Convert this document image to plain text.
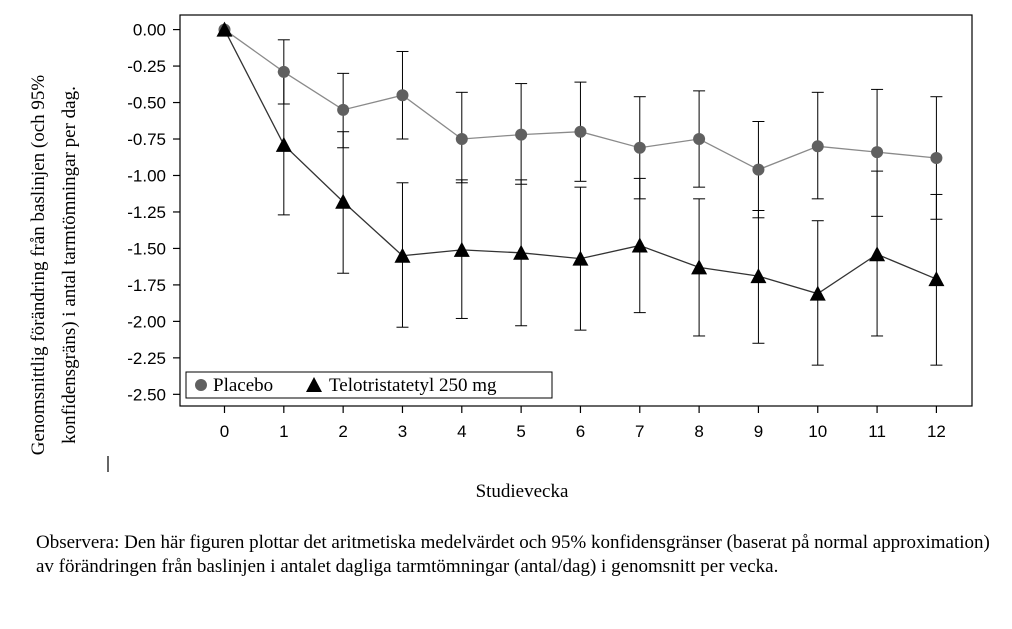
0.00
-0.25
-0.50
-0.75
-1.00
-1.25
-1.50
-1.75
-2.00
-2.25
-2.50
0	1	2	3	4	5	6	7	8	9	10 11 12
Placebo	Telotristatetyl 250 mg
Studievecka
Genomsnittlig förändring från baslinjen (och 95% konfidensgräns) i antal tarmtömningar per dag.
Observera: Den här figuren plottar det aritmetiska medelvärdet och 95% konfidensgränser (baserat på normal approximation) av förändringen från baslinjen i antalet dagliga tarmtömningar (antal/dag) i genomsnitt per vecka.
